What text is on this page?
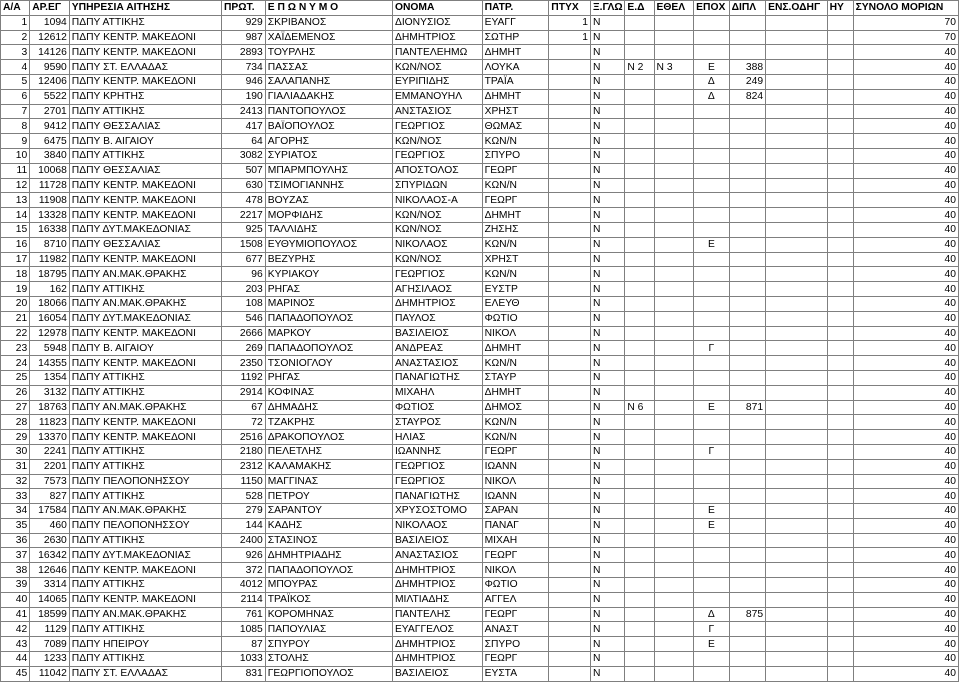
Α/Α	ΑΡ.ΕΓ	ΥΠΗΡΕΣΙΑ ΑΙΤΗΣΗΣ	ΠΡΩΤ.	Ε Π Ω Ν Υ Μ Ο	ΟΝΟΜΑ	ΠΑΤΡ.	ΠΤΥΧ	Ξ.ΓΛΩ	Ε.Δ	ΕΘΕΛ	ΕΠΟΧ	ΔΙΠΛ	ΕΝΣ.ΟΔΗΓ	ΗΥ	ΣΥΝΟΛΟ ΜΟΡΙΩΝ
1	1094	ΠΔΠΥ ΑΤΤΙΚΗΣ	929	ΣΚΡΙΒΑΝΟΣ	ΔΙΟΝΥΣΙΟΣ	ΕΥΑΓΓ	1	Ν							70
2	12612	ΠΔΠΥ ΚΕΝΤΡ. ΜΑΚΕΔΟΝΙ	987	ΧΑΪΔΕΜΕΝΟΣ	ΔΗΜΗΤΡΙΟΣ	ΣΩΤΗΡ	1	Ν							70
3	14126	ΠΔΠΥ ΚΕΝΤΡ. ΜΑΚΕΔΟΝΙ	2893	ΤΟΥΡΛΗΣ	ΠΑΝΤΕΛΕΗΜΩ	ΔΗΜΗΤ		Ν							40
4	9590	ΠΔΠΥ ΣΤ. ΕΛΛΑΔΑΣ	734	ΠΑΣΣΑΣ	ΚΩΝ/ΝΟΣ	ΛΟΥΚΑ		Ν	Ν 2	Ν 3	Ε	388			40
5	12406	ΠΔΠΥ ΚΕΝΤΡ. ΜΑΚΕΔΟΝΙ	946	ΣΑΛΑΠΑΝΗΣ	ΕΥΡΙΠΙΔΗΣ	ΤΡΑΪΑ		Ν			Δ	249			40
6	5522	ΠΔΠΥ ΚΡΗΤΗΣ	190	ΓΙΑΛΙΑΔΑΚΗΣ	ΕΜΜΑΝΟΥΗΛ	ΔΗΜΗΤ		Ν			Δ	824			40
7	2701	ΠΔΠΥ ΑΤΤΙΚΗΣ	2413	ΠΑΝΤΟΠΟΥΛΟΣ	ΑΝΣΤΑΣΙΟΣ	ΧΡΗΣΤ		Ν							40
8	9412	ΠΔΠΥ ΘΕΣΣΑΛΙΑΣ	417	ΒΑΪΟΠΟΥΛΟΣ	ΓΕΩΡΓΙΟΣ	ΘΩΜΑΣ		Ν							40
9	6475	ΠΔΠΥ Β. ΑΙΓΑΙΟΥ	64	ΑΓΟΡΗΣ	ΚΩΝ/ΝΟΣ	ΚΩΝ/Ν		Ν							40
10	3840	ΠΔΠΥ ΑΤΤΙΚΗΣ	3082	ΣΥΡΙΑΤΟΣ	ΓΕΩΡΓΙΟΣ	ΣΠΥΡΟ		Ν							40
11	10068	ΠΔΠΥ ΘΕΣΣΑΛΙΑΣ	507	ΜΠΑΡΜΠΟΥΛΗΣ	ΑΠΟΣΤΟΛΟΣ	ΓΕΩΡΓ		Ν							40
12	11728	ΠΔΠΥ ΚΕΝΤΡ. ΜΑΚΕΔΟΝΙ	630	ΤΣΙΜΟΓΙΑΝΝΗΣ	ΣΠΥΡΙΔΩΝ	ΚΩΝ/Ν		Ν							40
13	11908	ΠΔΠΥ ΚΕΝΤΡ. ΜΑΚΕΔΟΝΙ	478	ΒΟΥΖΑΣ	ΝΙΚΟΛΑΟΣ-Α	ΓΕΩΡΓ		Ν							40
14	13328	ΠΔΠΥ ΚΕΝΤΡ. ΜΑΚΕΔΟΝΙ	2217	ΜΟΡΦΙΔΗΣ	ΚΩΝ/ΝΟΣ	ΔΗΜΗΤ		Ν							40
15	16338	ΠΔΠΥ ΔΥΤ.ΜΑΚΕΔΟΝΙΑΣ	925	ΤΑΛΛΙΔΗΣ	ΚΩΝ/ΝΟΣ	ΖΗΣΗΣ		Ν							40
16	8710	ΠΔΠΥ ΘΕΣΣΑΛΙΑΣ	1508	ΕΥΘΥΜΙΟΠΟΥΛΟΣ	ΝΙΚΟΛΑΟΣ	ΚΩΝ/Ν		Ν			Ε				40
17	11982	ΠΔΠΥ ΚΕΝΤΡ. ΜΑΚΕΔΟΝΙ	677	ΒΕΖΥΡΗΣ	ΚΩΝ/ΝΟΣ	ΧΡΗΣΤ		Ν							40
18	18795	ΠΔΠΥ ΑΝ.ΜΑΚ.ΘΡΑΚΗΣ	96	ΚΥΡΙΑΚΟΥ	ΓΕΩΡΓΙΟΣ	ΚΩΝ/Ν		Ν							40
19	162	ΠΔΠΥ ΑΤΤΙΚΗΣ	203	ΡΗΓΑΣ	ΑΓΗΣΙΛΑΟΣ	ΕΥΣΤΡ		Ν							40
20	18066	ΠΔΠΥ ΑΝ.ΜΑΚ.ΘΡΑΚΗΣ	108	ΜΑΡΙΝΟΣ	ΔΗΜΗΤΡΙΟΣ	ΕΛΕΥΘ		Ν							40
21	16054	ΠΔΠΥ ΔΥΤ.ΜΑΚΕΔΟΝΙΑΣ	546	ΠΑΠΑΔΟΠΟΥΛΟΣ	ΠΑΥΛΟΣ	ΦΩΤΙΟ		Ν							40
22	12978	ΠΔΠΥ ΚΕΝΤΡ. ΜΑΚΕΔΟΝΙ	2666	ΜΑΡΚΟΥ	ΒΑΣΙΛΕΙΟΣ	ΝΙΚΟΛ		Ν							40
23	5948	ΠΔΠΥ Β. ΑΙΓΑΙΟΥ	269	ΠΑΠΑΔΟΠΟΥΛΟΣ	ΑΝΔΡΕΑΣ	ΔΗΜΗΤ		Ν			Γ				40
24	14355	ΠΔΠΥ ΚΕΝΤΡ. ΜΑΚΕΔΟΝΙ	2350	ΤΣΟΝΙΟΓΛΟΥ	ΑΝΑΣΤΑΣΙΟΣ	ΚΩΝ/Ν		Ν							40
25	1354	ΠΔΠΥ ΑΤΤΙΚΗΣ	1192	ΡΗΓΑΣ	ΠΑΝΑΓΙΩΤΗΣ	ΣΤΑΥΡ		Ν							40
26	3132	ΠΔΠΥ ΑΤΤΙΚΗΣ	2914	ΚΟΦΙΝΑΣ	ΜΙΧΑΗΛ	ΔΗΜΗΤ		Ν							40
27	18763	ΠΔΠΥ ΑΝ.ΜΑΚ.ΘΡΑΚΗΣ	67	ΔΗΜΑΔΗΣ	ΦΩΤΙΟΣ	ΔΗΜΟΣ		Ν	Ν 6		Ε	871			40
28	11823	ΠΔΠΥ ΚΕΝΤΡ. ΜΑΚΕΔΟΝΙ	72	ΤΖΑΚΡΗΣ	ΣΤΑΥΡΟΣ	ΚΩΝ/Ν		Ν							40
29	13370	ΠΔΠΥ ΚΕΝΤΡ. ΜΑΚΕΔΟΝΙ	2516	ΔΡΑΚΟΠΟΥΛΟΣ	ΗΛΙΑΣ	ΚΩΝ/Ν		Ν							40
30	2241	ΠΔΠΥ ΑΤΤΙΚΗΣ	2180	ΠΕΛΕΤΛΗΣ	ΙΩΑΝΝΗΣ	ΓΕΩΡΓ		Ν			Γ				40
31	2201	ΠΔΠΥ ΑΤΤΙΚΗΣ	2312	ΚΑΛΑΜΑΚΗΣ	ΓΕΩΡΓΙΟΣ	ΙΩΑΝΝ		Ν							40
32	7573	ΠΔΠΥ ΠΕΛΟΠΟΝΗΣΣΟΥ	1150	ΜΑΓΓΙΝΑΣ	ΓΕΩΡΓΙΟΣ	ΝΙΚΟΛ		Ν							40
33	827	ΠΔΠΥ ΑΤΤΙΚΗΣ	528	ΠΕΤΡΟΥ	ΠΑΝΑΓΙΩΤΗΣ	ΙΩΑΝΝ		Ν							40
34	17584	ΠΔΠΥ ΑΝ.ΜΑΚ.ΘΡΑΚΗΣ	279	ΣΑΡΑΝΤΟΥ	ΧΡΥΣΟΣΤΟΜΟ	ΣΑΡΑΝ		Ν			Ε				40
35	460	ΠΔΠΥ ΠΕΛΟΠΟΝΗΣΣΟΥ	144	ΚΑΔΗΣ	ΝΙΚΟΛΑΟΣ	ΠΑΝΑΓ		Ν			Ε				40
36	2630	ΠΔΠΥ ΑΤΤΙΚΗΣ	2400	ΣΤΑΣΙΝΟΣ	ΒΑΣΙΛΕΙΟΣ	ΜΙΧΑΗ		Ν							40
37	16342	ΠΔΠΥ ΔΥΤ.ΜΑΚΕΔΟΝΙΑΣ	926	ΔΗΜΗΤΡΙΑΔΗΣ	ΑΝΑΣΤΑΣΙΟΣ	ΓΕΩΡΓ		Ν							40
38	12646	ΠΔΠΥ ΚΕΝΤΡ. ΜΑΚΕΔΟΝΙ	372	ΠΑΠΑΔΟΠΟΥΛΟΣ	ΔΗΜΗΤΡΙΟΣ	ΝΙΚΟΛ		Ν							40
39	3314	ΠΔΠΥ ΑΤΤΙΚΗΣ	4012	ΜΠΟΥΡΑΣ	ΔΗΜΗΤΡΙΟΣ	ΦΩΤΙΟ		Ν							40
40	14065	ΠΔΠΥ ΚΕΝΤΡ. ΜΑΚΕΔΟΝΙ	2114	ΤΡΑΪΚΟΣ	ΜΙΛΤΙΑΔΗΣ	ΑΓΓΕΛ		Ν							40
41	18599	ΠΔΠΥ ΑΝ.ΜΑΚ.ΘΡΑΚΗΣ	761	ΚΟΡΟΜΗΝΑΣ	ΠΑΝΤΕΛΗΣ	ΓΕΩΡΓ		Ν			Δ	875			40
42	1129	ΠΔΠΥ ΑΤΤΙΚΗΣ	1085	ΠΑΠΟΥΛΙΑΣ	ΕΥΑΓΓΕΛΟΣ	ΑΝΑΣΤ		Ν			Γ				40
43	7089	ΠΔΠΥ ΗΠΕΙΡΟΥ	87	ΣΠΥΡΟΥ	ΔΗΜΗΤΡΙΟΣ	ΣΠΥΡΟ		Ν			Ε				40
44	1233	ΠΔΠΥ ΑΤΤΙΚΗΣ	1033	ΣΤΟΛΗΣ	ΔΗΜΗΤΡΙΟΣ	ΓΕΩΡΓ		Ν							40
45	11042	ΠΔΠΥ ΣΤ. ΕΛΛΑΔΑΣ	831	ΓΕΩΡΓΙΟΠΟΥΛΟΣ	ΒΑΣΙΛΕΙΟΣ	ΕΥΣΤΑ		Ν							40
